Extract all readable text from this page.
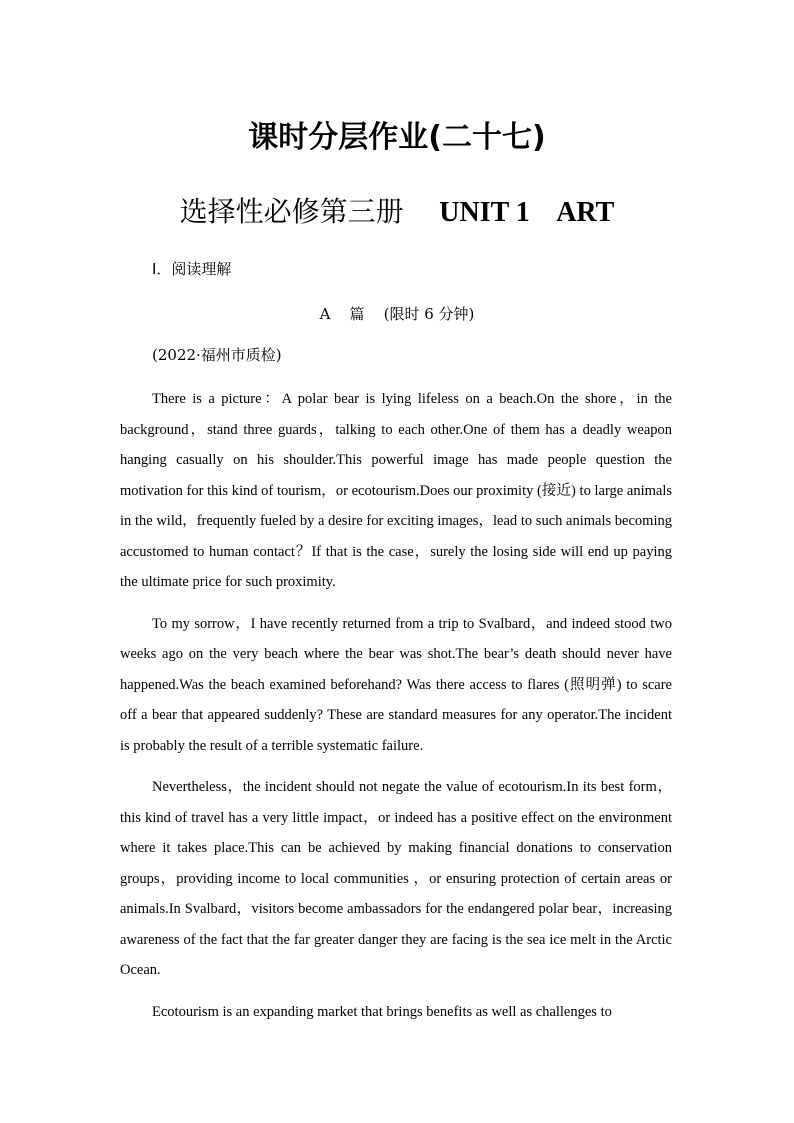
课时分层作业(二十七)
选择性必修第三册 UNIT 1    ART
Ⅰ．阅读理解
A    篇    (限时 6 分钟)
(2022·福州市质检)

There is a picture：A polar bear is lying lifeless on a beach.On the shore，in the background，stand three guards，talking to each other.One of them has a deadly weapon hanging casually on his shoulder.This powerful image has made people question the motivation for this kind of tourism，or ecotourism.Does our proximity (接近) to large animals in the wild，frequently fueled by a desire for exciting images，lead to such animals becoming accustomed to human contact？If that is the case，surely the losing side will end up paying the ultimate price for such proximity.

To my sorrow，I have recently returned from a trip to Svalbard，and indeed stood two weeks ago on the very beach where the bear was shot.The bear’s death should never have happened.Was the beach examined beforehand? Was there access to flares (照明弹) to scare off a bear that appeared suddenly? These are standard measures for any operator.The incident is probably the result of a terrible systematic failure.

Nevertheless，the incident should not negate the value of ecotourism.In its best form，this kind of travel has a very little impact，or indeed has a positive effect on the environment where it takes place.This can be achieved by making financial donations to conservation groups，providing income to local communities ，or ensuring protection of certain areas or animals.In Svalbard，visitors become ambassadors for the endangered polar bear，increasing awareness of the fact that the far greater danger they are facing is the sea ice melt in the Arctic Ocean.

Ecotourism is an expanding market that brings benefits as well as challenges to
